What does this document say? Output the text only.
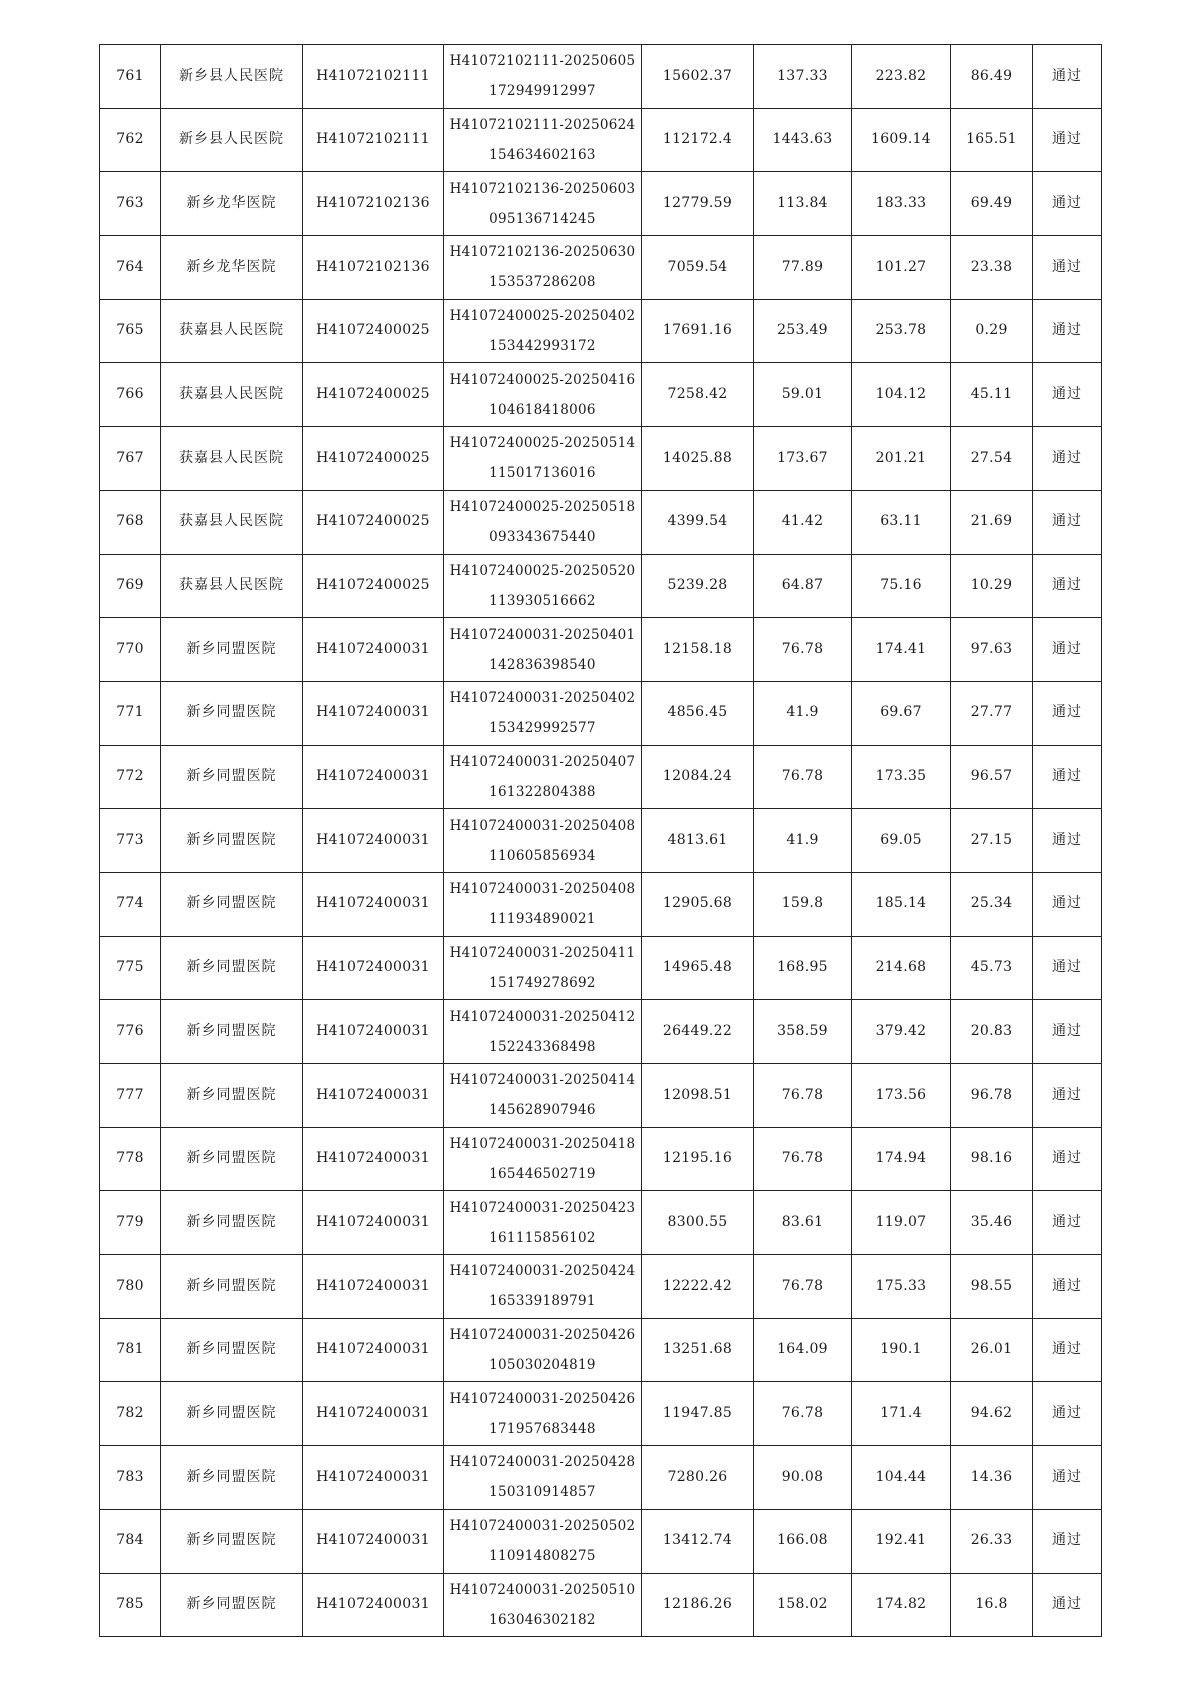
761	新乡县人民医院	H41072102111	H41072102111-20250605
172949912997	15602.37	137.33	223.82	86.49	通过
762	新乡县人民医院	H41072102111	H41072102111-20250624
154634602163	112172.4	1443.63	1609.14	165.51	通过
763	新乡龙华医院	H41072102136	H41072102136-20250603
095136714245	12779.59	113.84	183.33	69.49	通过
764	新乡龙华医院	H41072102136	H41072102136-20250630
153537286208	7059.54	77.89	101.27	23.38	通过
765	获嘉县人民医院	H41072400025	H41072400025-20250402
153442993172	17691.16	253.49	253.78	0.29	通过
766	获嘉县人民医院	H41072400025	H41072400025-20250416
104618418006	7258.42	59.01	104.12	45.11	通过
767	获嘉县人民医院	H41072400025	H41072400025-20250514
115017136016	14025.88	173.67	201.21	27.54	通过
768	获嘉县人民医院	H41072400025	H41072400025-20250518
093343675440	4399.54	41.42	63.11	21.69	通过
769	获嘉县人民医院	H41072400025	H41072400025-20250520
113930516662	5239.28	64.87	75.16	10.29	通过
770	新乡同盟医院	H41072400031	H41072400031-20250401
142836398540	12158.18	76.78	174.41	97.63	通过
771	新乡同盟医院	H41072400031	H41072400031-20250402
153429992577	4856.45	41.9	69.67	27.77	通过
772	新乡同盟医院	H41072400031	H41072400031-20250407
161322804388	12084.24	76.78	173.35	96.57	通过
773	新乡同盟医院	H41072400031	H41072400031-20250408
110605856934	4813.61	41.9	69.05	27.15	通过
774	新乡同盟医院	H41072400031	H41072400031-20250408
111934890021	12905.68	159.8	185.14	25.34	通过
775	新乡同盟医院	H41072400031	H41072400031-20250411
151749278692	14965.48	168.95	214.68	45.73	通过
776	新乡同盟医院	H41072400031	H41072400031-20250412
152243368498	26449.22	358.59	379.42	20.83	通过
777	新乡同盟医院	H41072400031	H41072400031-20250414
145628907946	12098.51	76.78	173.56	96.78	通过
778	新乡同盟医院	H41072400031	H41072400031-20250418
165446502719	12195.16	76.78	174.94	98.16	通过
779	新乡同盟医院	H41072400031	H41072400031-20250423
161115856102	8300.55	83.61	119.07	35.46	通过
780	新乡同盟医院	H41072400031	H41072400031-20250424
165339189791	12222.42	76.78	175.33	98.55	通过
781	新乡同盟医院	H41072400031	H41072400031-20250426
105030204819	13251.68	164.09	190.1	26.01	通过
782	新乡同盟医院	H41072400031	H41072400031-20250426
171957683448	11947.85	76.78	171.4	94.62	通过
783	新乡同盟医院	H41072400031	H41072400031-20250428
150310914857	7280.26	90.08	104.44	14.36	通过
784	新乡同盟医院	H41072400031	H41072400031-20250502
110914808275	13412.74	166.08	192.41	26.33	通过
785	新乡同盟医院	H41072400031	H41072400031-20250510
163046302182	12186.26	158.02	174.82	16.8	通过
